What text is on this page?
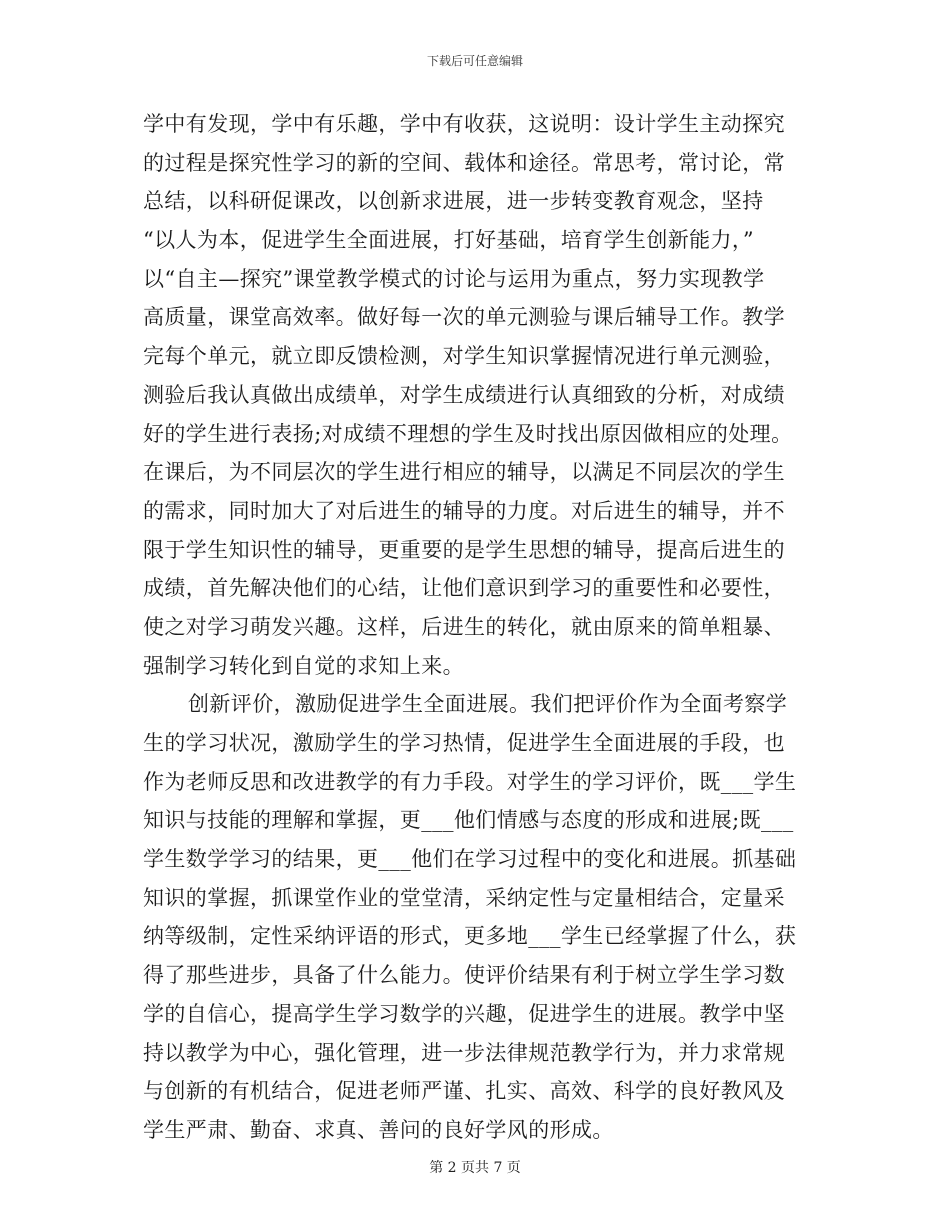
下载后可任意编辑
学中有发现，学中有乐趣，学中有收获，这说明：设计学生主动探究
的过程是探究性学习的新的空间、载体和途径。常思考，常讨论，常
总结，以科研促课改，以创新求进展，进一步转变教育观念，坚持
“以人为本，促进学生全面进展，打好基础，培育学生创新能力，”
以“自主—探究”课堂教学模式的讨论与运用为重点，努力实现教学
高质量，课堂高效率。做好每一次的单元测验与课后辅导工作。教学
完每个单元，就立即反馈检测，对学生知识掌握情况进行单元测验，
测验后我认真做出成绩单，对学生成绩进行认真细致的分析，对成绩
好的学生进行表扬;对成绩不理想的学生及时找出原因做相应的处理。
在课后，为不同层次的学生进行相应的辅导，以满足不同层次的学生
的需求，同时加大了对后进生的辅导的力度。对后进生的辅导，并不
限于学生知识性的辅导，更重要的是学生思想的辅导，提高后进生的
成绩，首先解决他们的心结，让他们意识到学习的重要性和必要性，
使之对学习萌发兴趣。这样，后进生的转化，就由原来的简单粗暴、
强制学习转化到自觉的求知上来。
创新评价，激励促进学生全面进展。我们把评价作为全面考察学
生的学习状况，激励学生的学习热情，促进学生全面进展的手段，也
作为老师反思和改进教学的有力手段。对学生的学习评价，既___学生
知识与技能的理解和掌握，更___他们情感与态度的形成和进展;既___
学生数学学习的结果，更___他们在学习过程中的变化和进展。抓基础
知识的掌握，抓课堂作业的堂堂清，采纳定性与定量相结合，定量采
纳等级制，定性采纳评语的形式，更多地___学生已经掌握了什么，获
得了那些进步，具备了什么能力。使评价结果有利于树立学生学习数
学的自信心，提高学生学习数学的兴趣，促进学生的进展。教学中坚
持以教学为中心，强化管理，进一步法律规范教学行为，并力求常规
与创新的有机结合，促进老师严谨、扎实、高效、科学的良好教风及
学生严肃、勤奋、求真、善问的良好学风的形成。
第 2 页共 7 页
